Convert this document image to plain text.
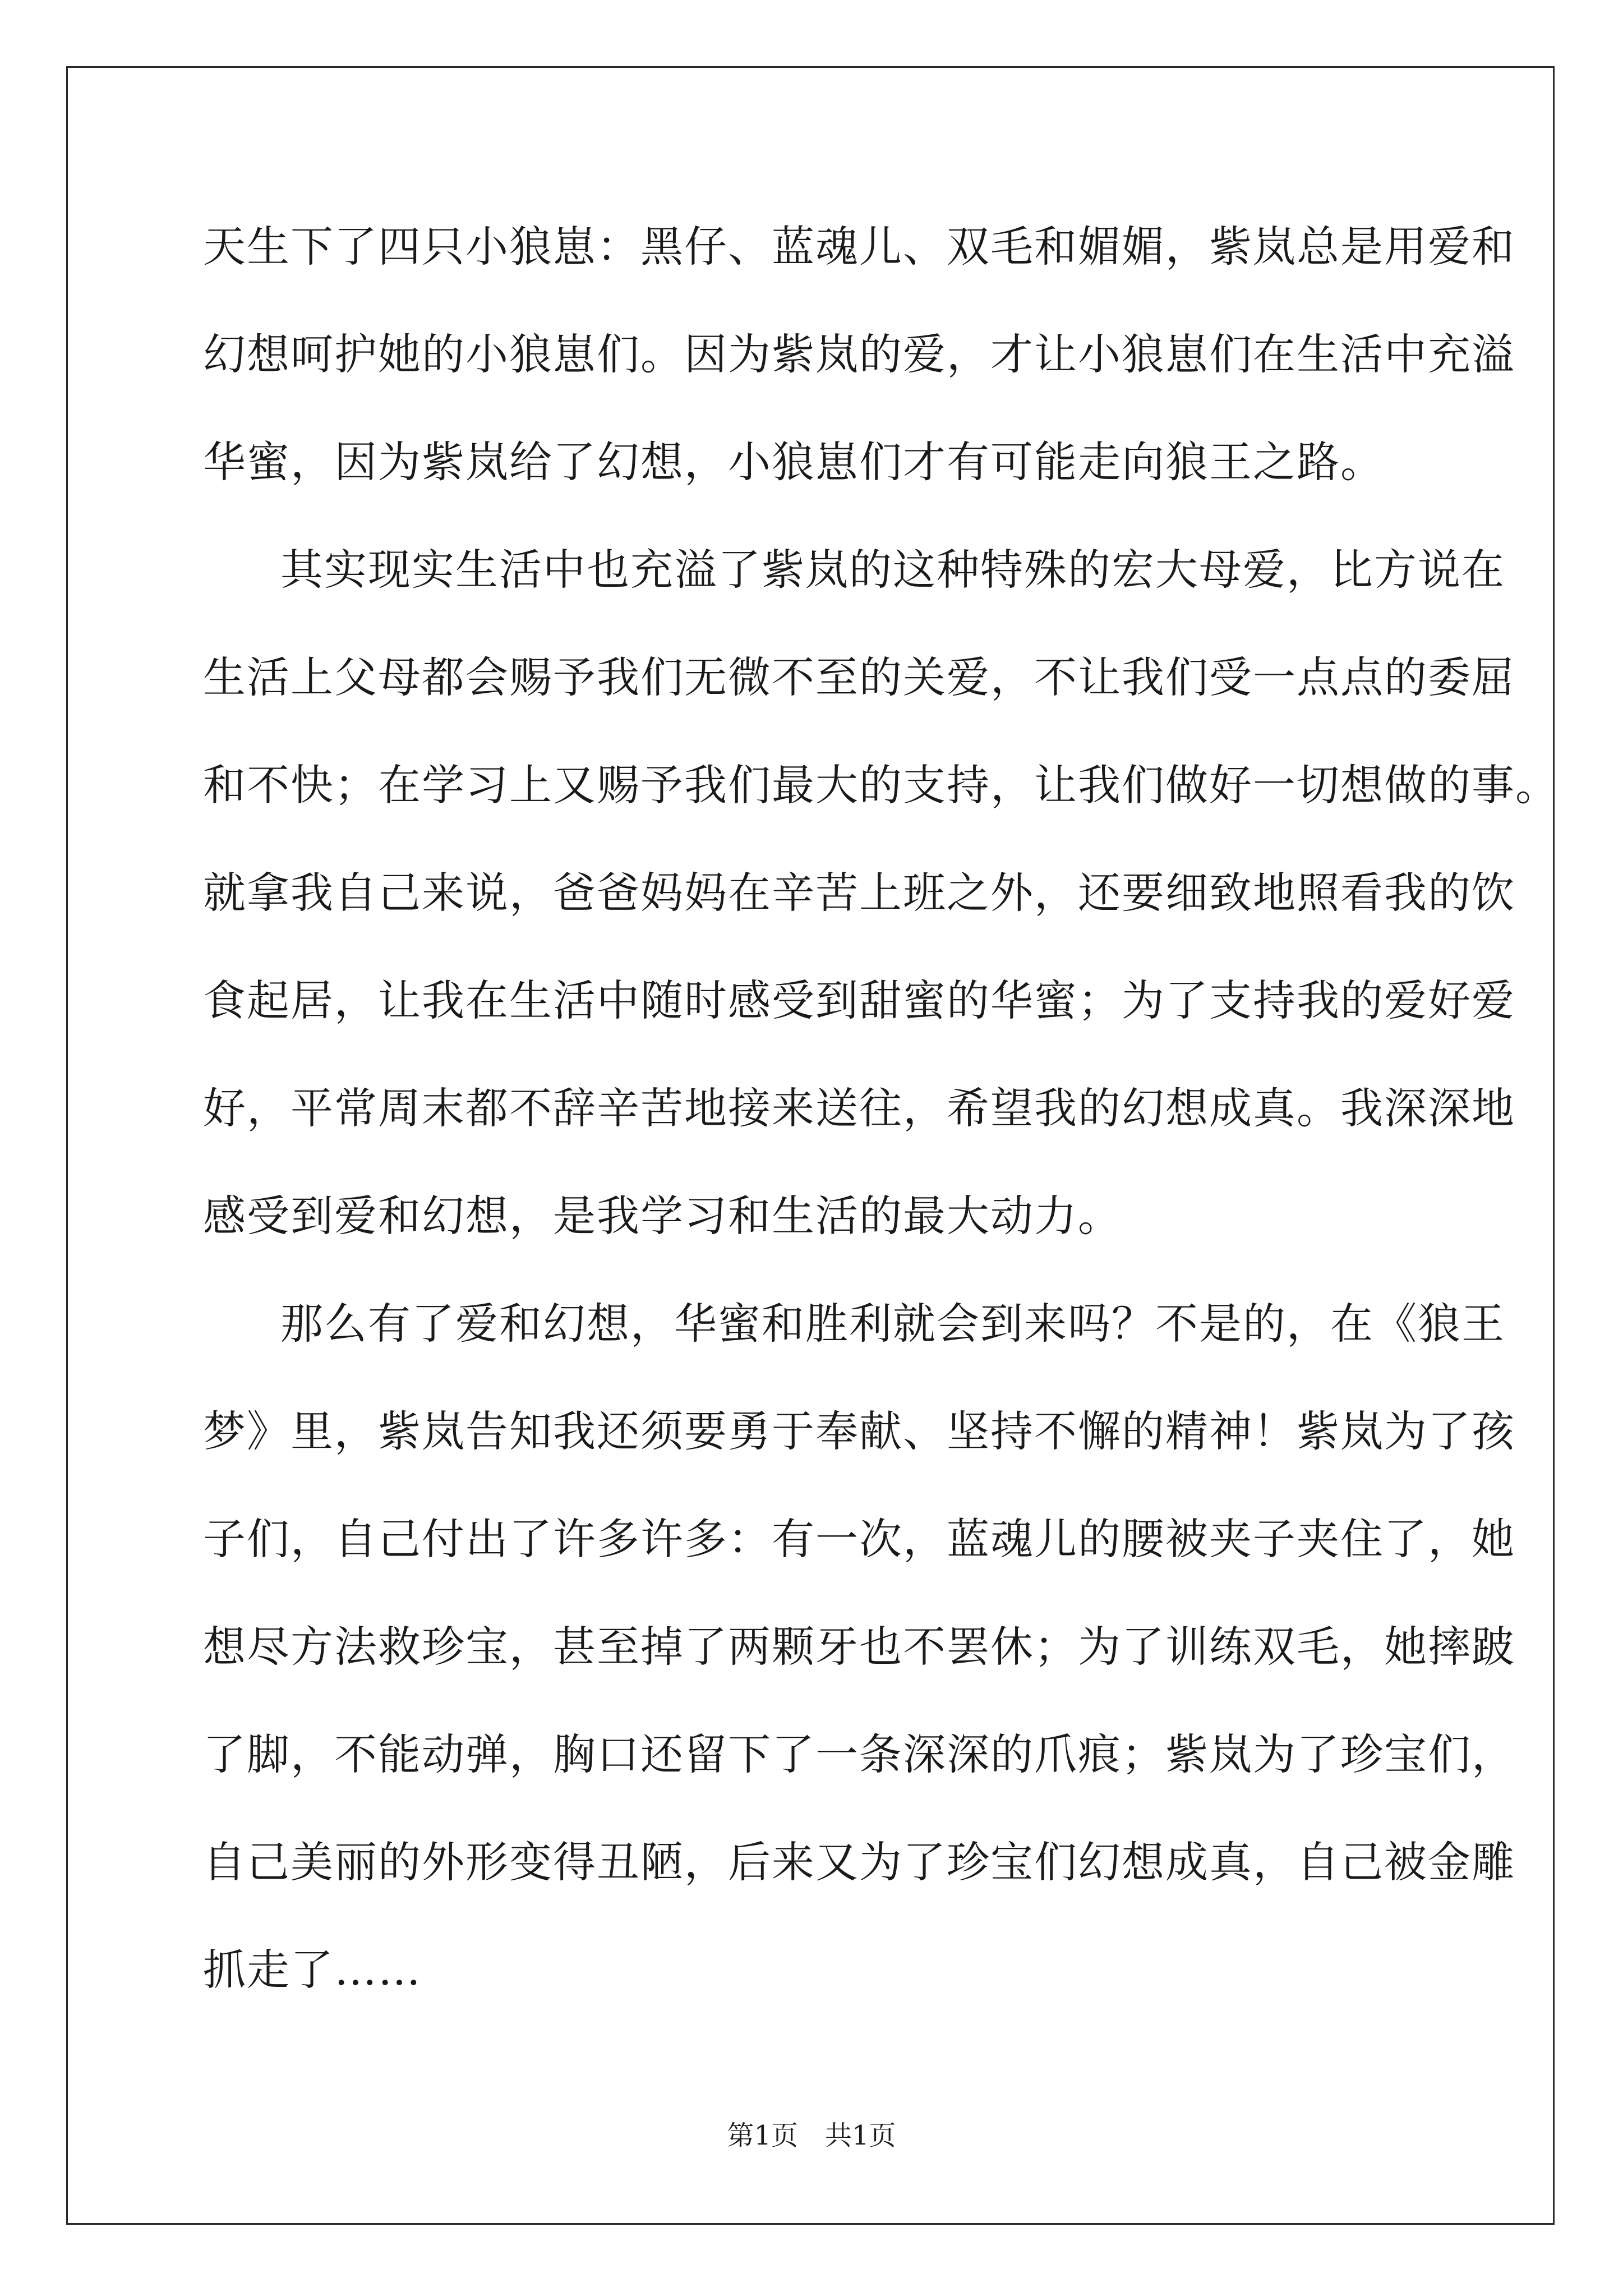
天生下了四只小狼崽：黑仔、蓝魂儿、双毛和媚媚，紫岚总是用爱和

幻想呵护她的小狼崽们。因为紫岚的爱，才让小狼崽们在生活中充溢

华蜜，因为紫岚给了幻想，小狼崽们才有可能走向狼王之路。

其实现实生活中也充溢了紫岚的这种特殊的宏大母爱，比方说在

生活上父母都会赐予我们无微不至的关爱，不让我们受一点点的委屈

和不快；在学习上又赐予我们最大的支持，让我们做好一切想做的事。

就拿我自己来说，爸爸妈妈在辛苦上班之外，还要细致地照看我的饮

食起居，让我在生活中随时感受到甜蜜的华蜜；为了支持我的爱好爱

好，平常周末都不辞辛苦地接来送往，希望我的幻想成真。我深深地

感受到爱和幻想，是我学习和生活的最大动力。

那么有了爱和幻想，华蜜和胜利就会到来吗？不是的，在《狼王

梦》里，紫岚告知我还须要勇于奉献、坚持不懈的精神！紫岚为了孩

子们，自己付出了许多许多：有一次，蓝魂儿的腰被夹子夹住了，她

想尽方法救珍宝，甚至掉了两颗牙也不罢休；为了训练双毛，她摔跛

了脚，不能动弹，胸口还留下了一条深深的爪痕；紫岚为了珍宝们，

自己美丽的外形变得丑陋，后来又为了珍宝们幻想成真，自己被金雕

抓走了……

第1页 共1页
